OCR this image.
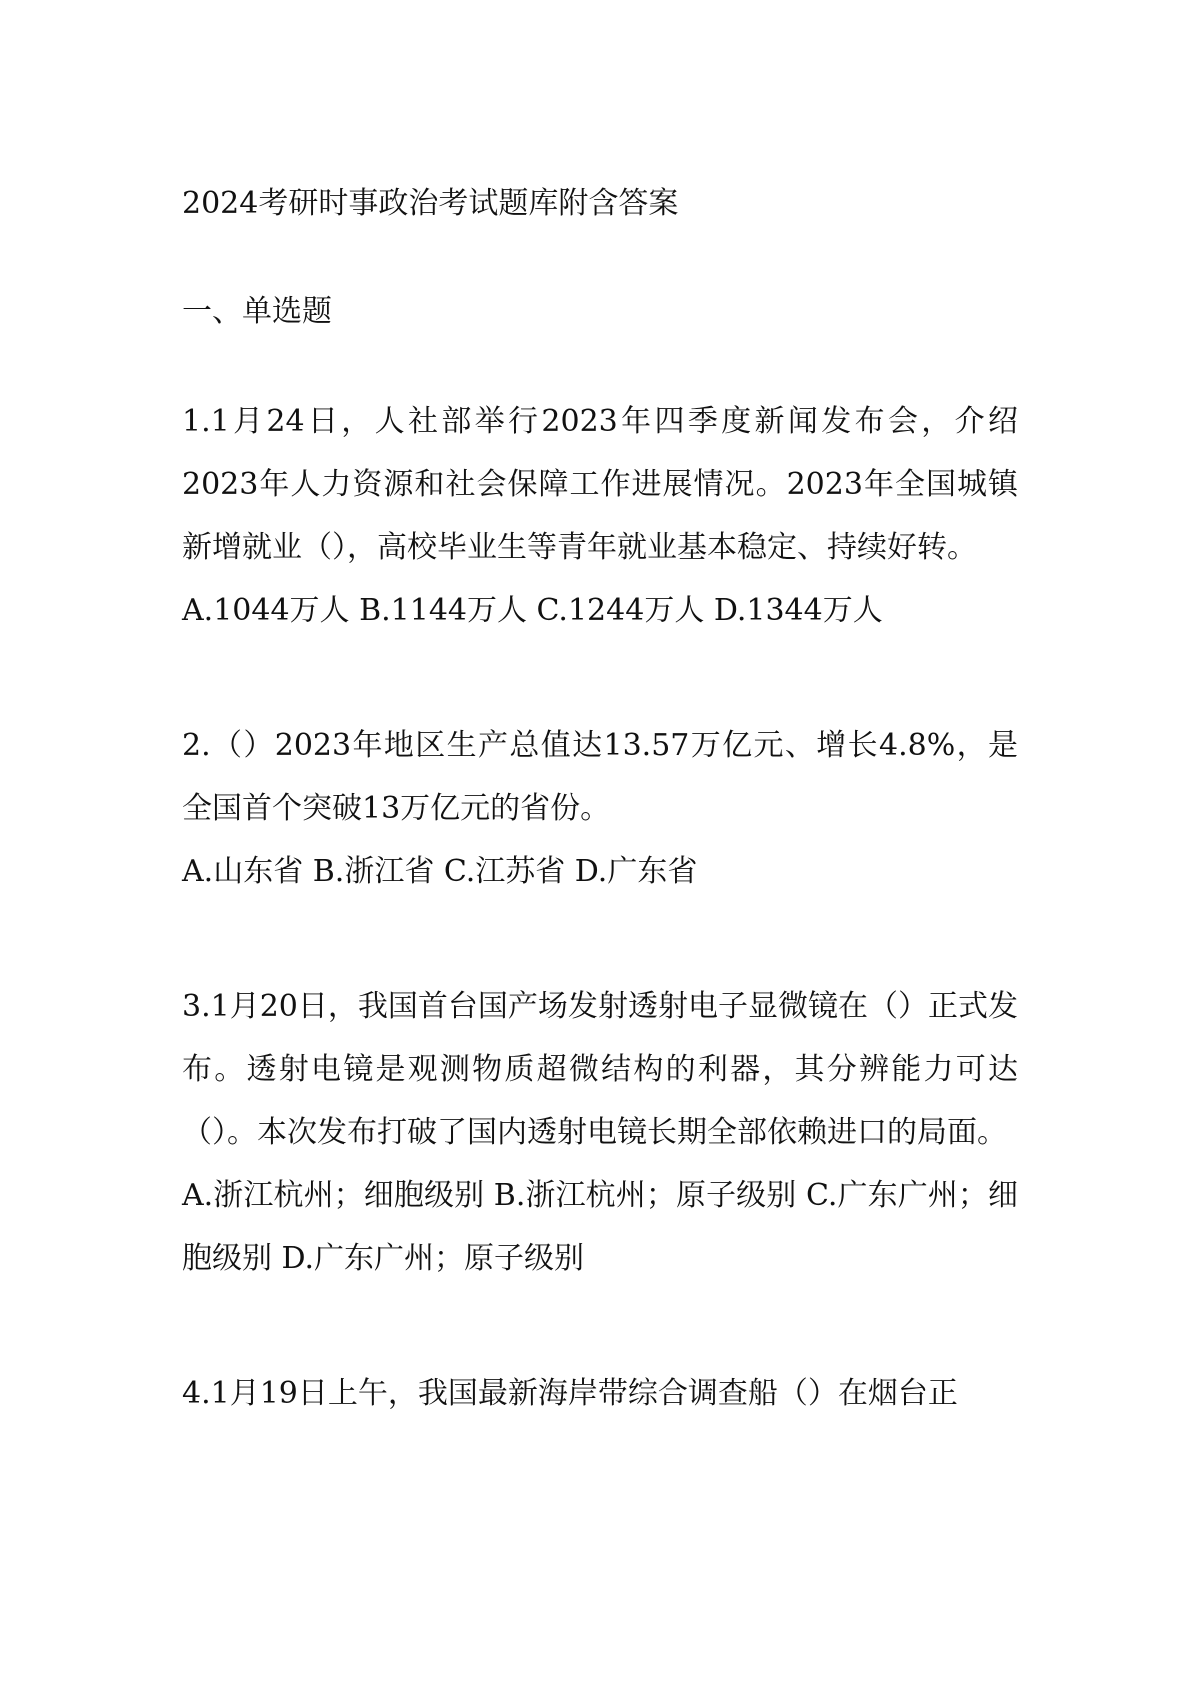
2024考研时事政治考试题库附含答案
一、单选题

1.1月24日，人社部举行2023年四季度新闻发布会，介绍2023年人力资源和社会保障工作进展情况。2023年全国城镇新增就业（），高校毕业生等青年就业基本稳定、持续好转。

A.1044万人 B.1144万人 C.1244万人 D.1344万人

2.（）2023年地区生产总值达13.57万亿元、增长4.8%，是全国首个突破13万亿元的省份。

A.山东省 B.浙江省 C.江苏省 D.广东省

3.1月20日，我国首台国产场发射透射电子显微镜在（）正式发布。透射电镜是观测物质超微结构的利器，其分辨能力可达（）。本次发布打破了国内透射电镜长期全部依赖进口的局面。

A.浙江杭州；细胞级别 B.浙江杭州；原子级别 C.广东广州；细胞级别 D.广东广州；原子级别

4.1月19日上午，我国最新海岸带综合调查船（）在烟台正
